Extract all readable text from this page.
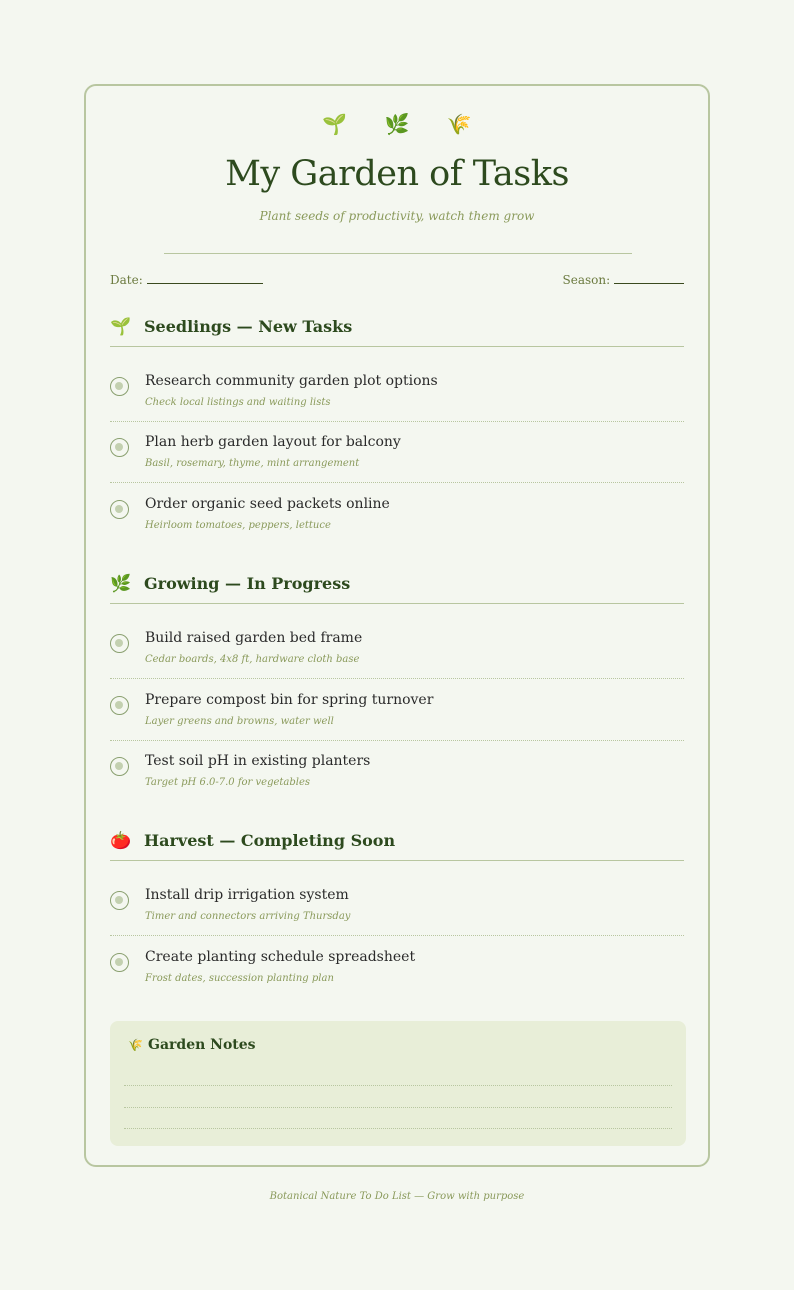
🌱 🌿 🌾
My Garden of Tasks
Plant seeds of productivity, watch them grow
Date:	Season:
🌱 Seedlings — New Tasks
Research community garden plot options
Check local listings and waiting lists
Plan herb garden layout for balcony
Basil, rosemary, thyme, mint arrangement
Order organic seed packets online
Heirloom tomatoes, peppers, lettuce
🌿 Growing — In Progress
Build raised garden bed frame
Cedar boards, 4x8 ft, hardware cloth base
Prepare compost bin for spring turnover
Layer greens and browns, water well
Test soil pH in existing planters
Target pH 6.0-7.0 for vegetables
🍅 Harvest — Completing Soon
Install drip irrigation system
Timer and connectors arriving Thursday
Create planting schedule spreadsheet
Frost dates, succession planting plan
🌾 Garden Notes
Botanical Nature To Do List — Grow with purpose
